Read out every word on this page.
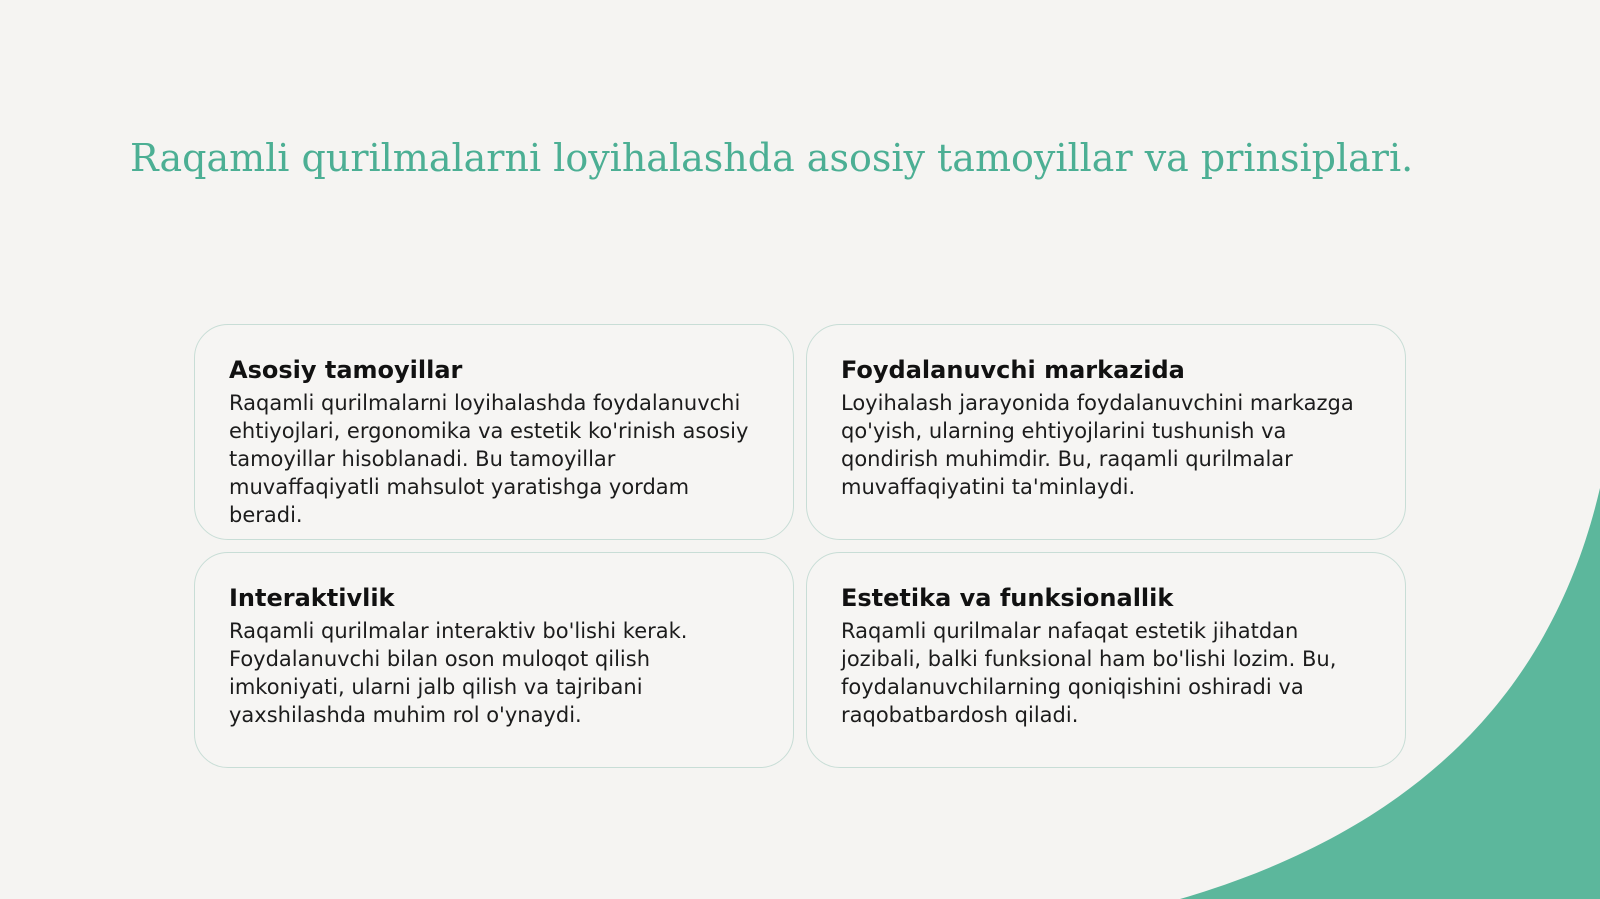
Raqamli qurilmalarni loyihalashda asosiy tamoyillar va prinsiplari.
Asosiy tamoyillar

Raqamli qurilmalarni loyihalashda foydalanuvchi ehtiyojlari, ergonomika va estetik ko'rinish asosiy tamoyillar hisoblanadi. Bu tamoyillar muvaffaqiyatli mahsulot yaratishga yordam beradi.

Foydalanuvchi markazida

Loyihalash jarayonida foydalanuvchini markazga qo'yish, ularning ehtiyojlarini tushunish va qondirish muhimdir. Bu, raqamli qurilmalar muvaffaqiyatini ta'minlaydi.

Interaktivlik

Raqamli qurilmalar interaktiv bo'lishi kerak. Foydalanuvchi bilan oson muloqot qilish imkoniyati, ularni jalb qilish va tajribani yaxshilashda muhim rol o'ynaydi.

Estetika va funksionallik

Raqamli qurilmalar nafaqat estetik jihatdan jozibali, balki funksional ham bo'lishi lozim. Bu, foydalanuvchilarning qoniqishini oshiradi va raqobatbardosh qiladi.
